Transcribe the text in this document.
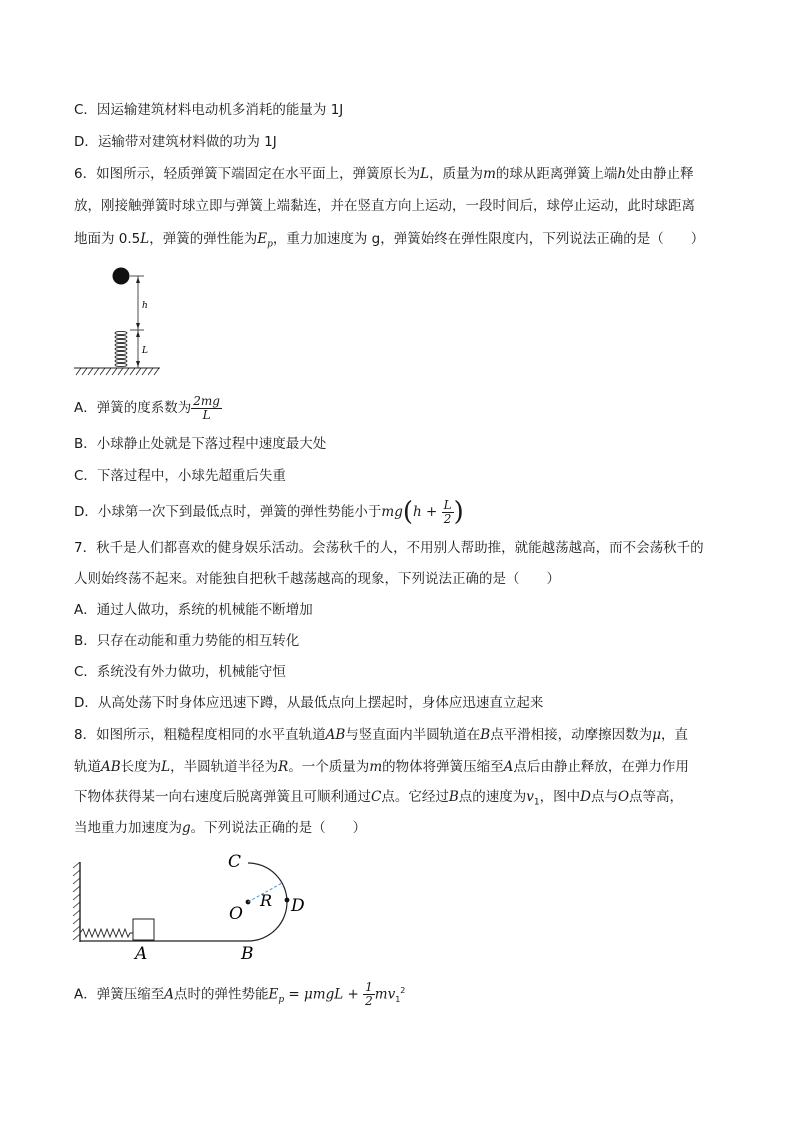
C．因运输建筑材料电动机多消耗的能量为 1J
D．运输带对建筑材料做的功为 1J
6．如图所示，轻质弹簧下端固定在水平面上，弹簧原长为L，质量为m的球从距离弹簧上端h处由静止释
放，刚接触弹簧时球立即与弹簧上端黏连，并在竖直方向上运动，一段时间后，球停止运动，此时球距离
地面为 0.5L，弹簧的弹性能为$E_p$，重力加速度为 g，弹簧始终在弹性限度内，下列说法正确的是（　　）
h
L
A．弹簧的度系数为 $\frac{2mg}{L}$
B．小球静止处就是下落过程中速度最大处
C．下落过程中，小球先超重后失重
D．小球第一次下到最低点时，弹簧的弹性势能小于$mg(h + \frac{L}{2}$ )
7．秋千是人们都喜欢的健身娱乐活动。会荡秋千的人，不用别人帮助推，就能越荡越高，而不会荡秋千的
人则始终荡不起来。对能独自把秋千越荡越高的现象，下列说法正确的是（　　）
A．通过人做功，系统的机械能不断增加
B．只存在动能和重力势能的相互转化
C．系统没有外力做功，机械能守恒
D．从高处荡下时身体应迅速下蹲，从最低点向上摆起时，身体应迅速直立起来
8．如图所示，粗糙程度相同的水平直轨道AB与竖直面内半圆轨道在B点平滑相接，动摩擦因数为μ，直
轨道AB长度为L，半圆轨道半径为R。一个质量为m的物体将弹簧压缩至A点后由静止释放，在弹力作用
下物体获得某一向右速度后脱离弹簧且可顺利通过C点。它经过B点的速度为$v_1$，图中D点与O点等高，
当地重力加速度为g。下列说法正确的是（　　）
C
O
R D
A	B
A．弹簧压缩至A点时的弹性势能$E_p = \mu mgL + \frac{1}{2} mv_1^2$
